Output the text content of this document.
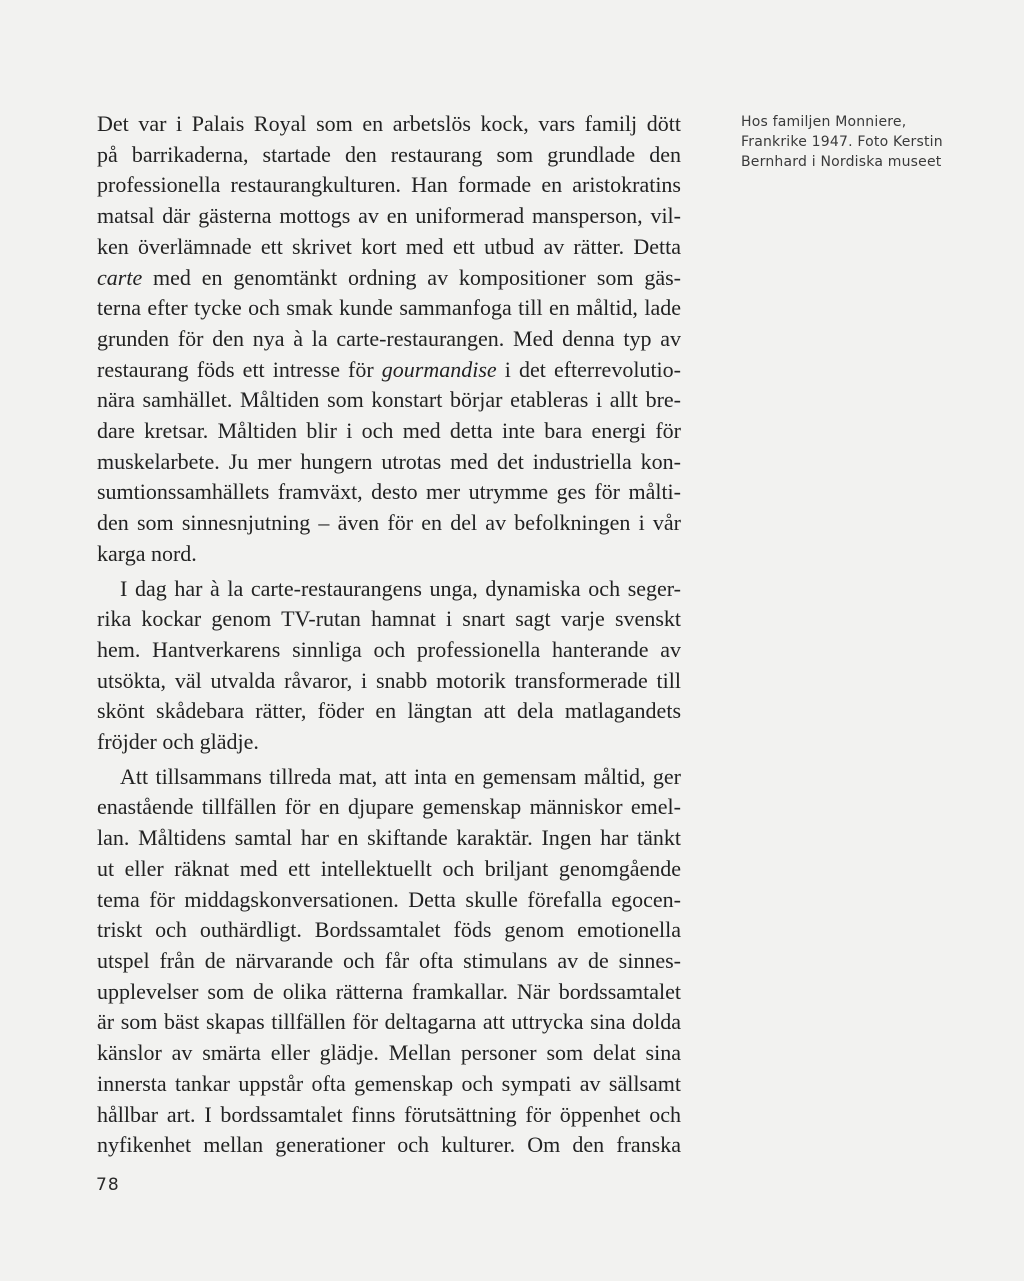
Det var i Palais Royal som en arbetslös kock, vars familj dött
på barrikaderna, startade den restaurang som grundlade den
professionella restaurangkulturen. Han formade en aristokratins
matsal där gästerna mottogs av en uniformerad mansperson, vil-
ken överlämnade ett skrivet kort med ett utbud av rätter. Detta
carte med en genomtänkt ordning av kompositioner som gäs-
terna efter tycke och smak kunde sammanfoga till en måltid, lade
grunden för den nya à la carte-restaurangen. Med denna typ av
restaurang föds ett intresse för gourmandise i det efterrevolutio-
nära samhället. Måltiden som konstart börjar etableras i allt bre-
dare kretsar. Måltiden blir i och med detta inte bara energi för
muskelarbete. Ju mer hungern utrotas med det industriella kon-
sumtionssamhällets framväxt, desto mer utrymme ges för målti-
den som sinnesnjutning – även för en del av befolkningen i vår
karga nord.
I dag har à la carte-restaurangens unga, dynamiska och seger-
rika kockar genom TV-rutan hamnat i snart sagt varje svenskt
hem. Hantverkarens sinnliga och professionella hanterande av
utsökta, väl utvalda råvaror, i snabb motorik transformerade till
skönt skådebara rätter, föder en längtan att dela matlagandets
fröjder och glädje.
Att tillsammans tillreda mat, att inta en gemensam måltid, ger
enastående tillfällen för en djupare gemenskap människor emel-
lan. Måltidens samtal har en skiftande karaktär. Ingen har tänkt
ut eller räknat med ett intellektuellt och briljant genomgående
tema för middagskonversationen. Detta skulle förefalla egocen-
triskt och outhärdligt. Bordssamtalet föds genom emotionella
utspel från de närvarande och får ofta stimulans av de sinnes-
upplevelser som de olika rätterna framkallar. När bordssamtalet
är som bäst skapas tillfällen för deltagarna att uttrycka sina dolda
känslor av smärta eller glädje. Mellan personer som delat sina
innersta tankar uppstår ofta gemenskap och sympati av sällsamt
hållbar art. I bordssamtalet finns förutsättning för öppenhet och
nyfikenhet mellan generationer och kulturer. Om den franska
Hos familjen Monniere,
Frankrike 1947. Foto Kerstin
Bernhard i Nordiska museet
78
